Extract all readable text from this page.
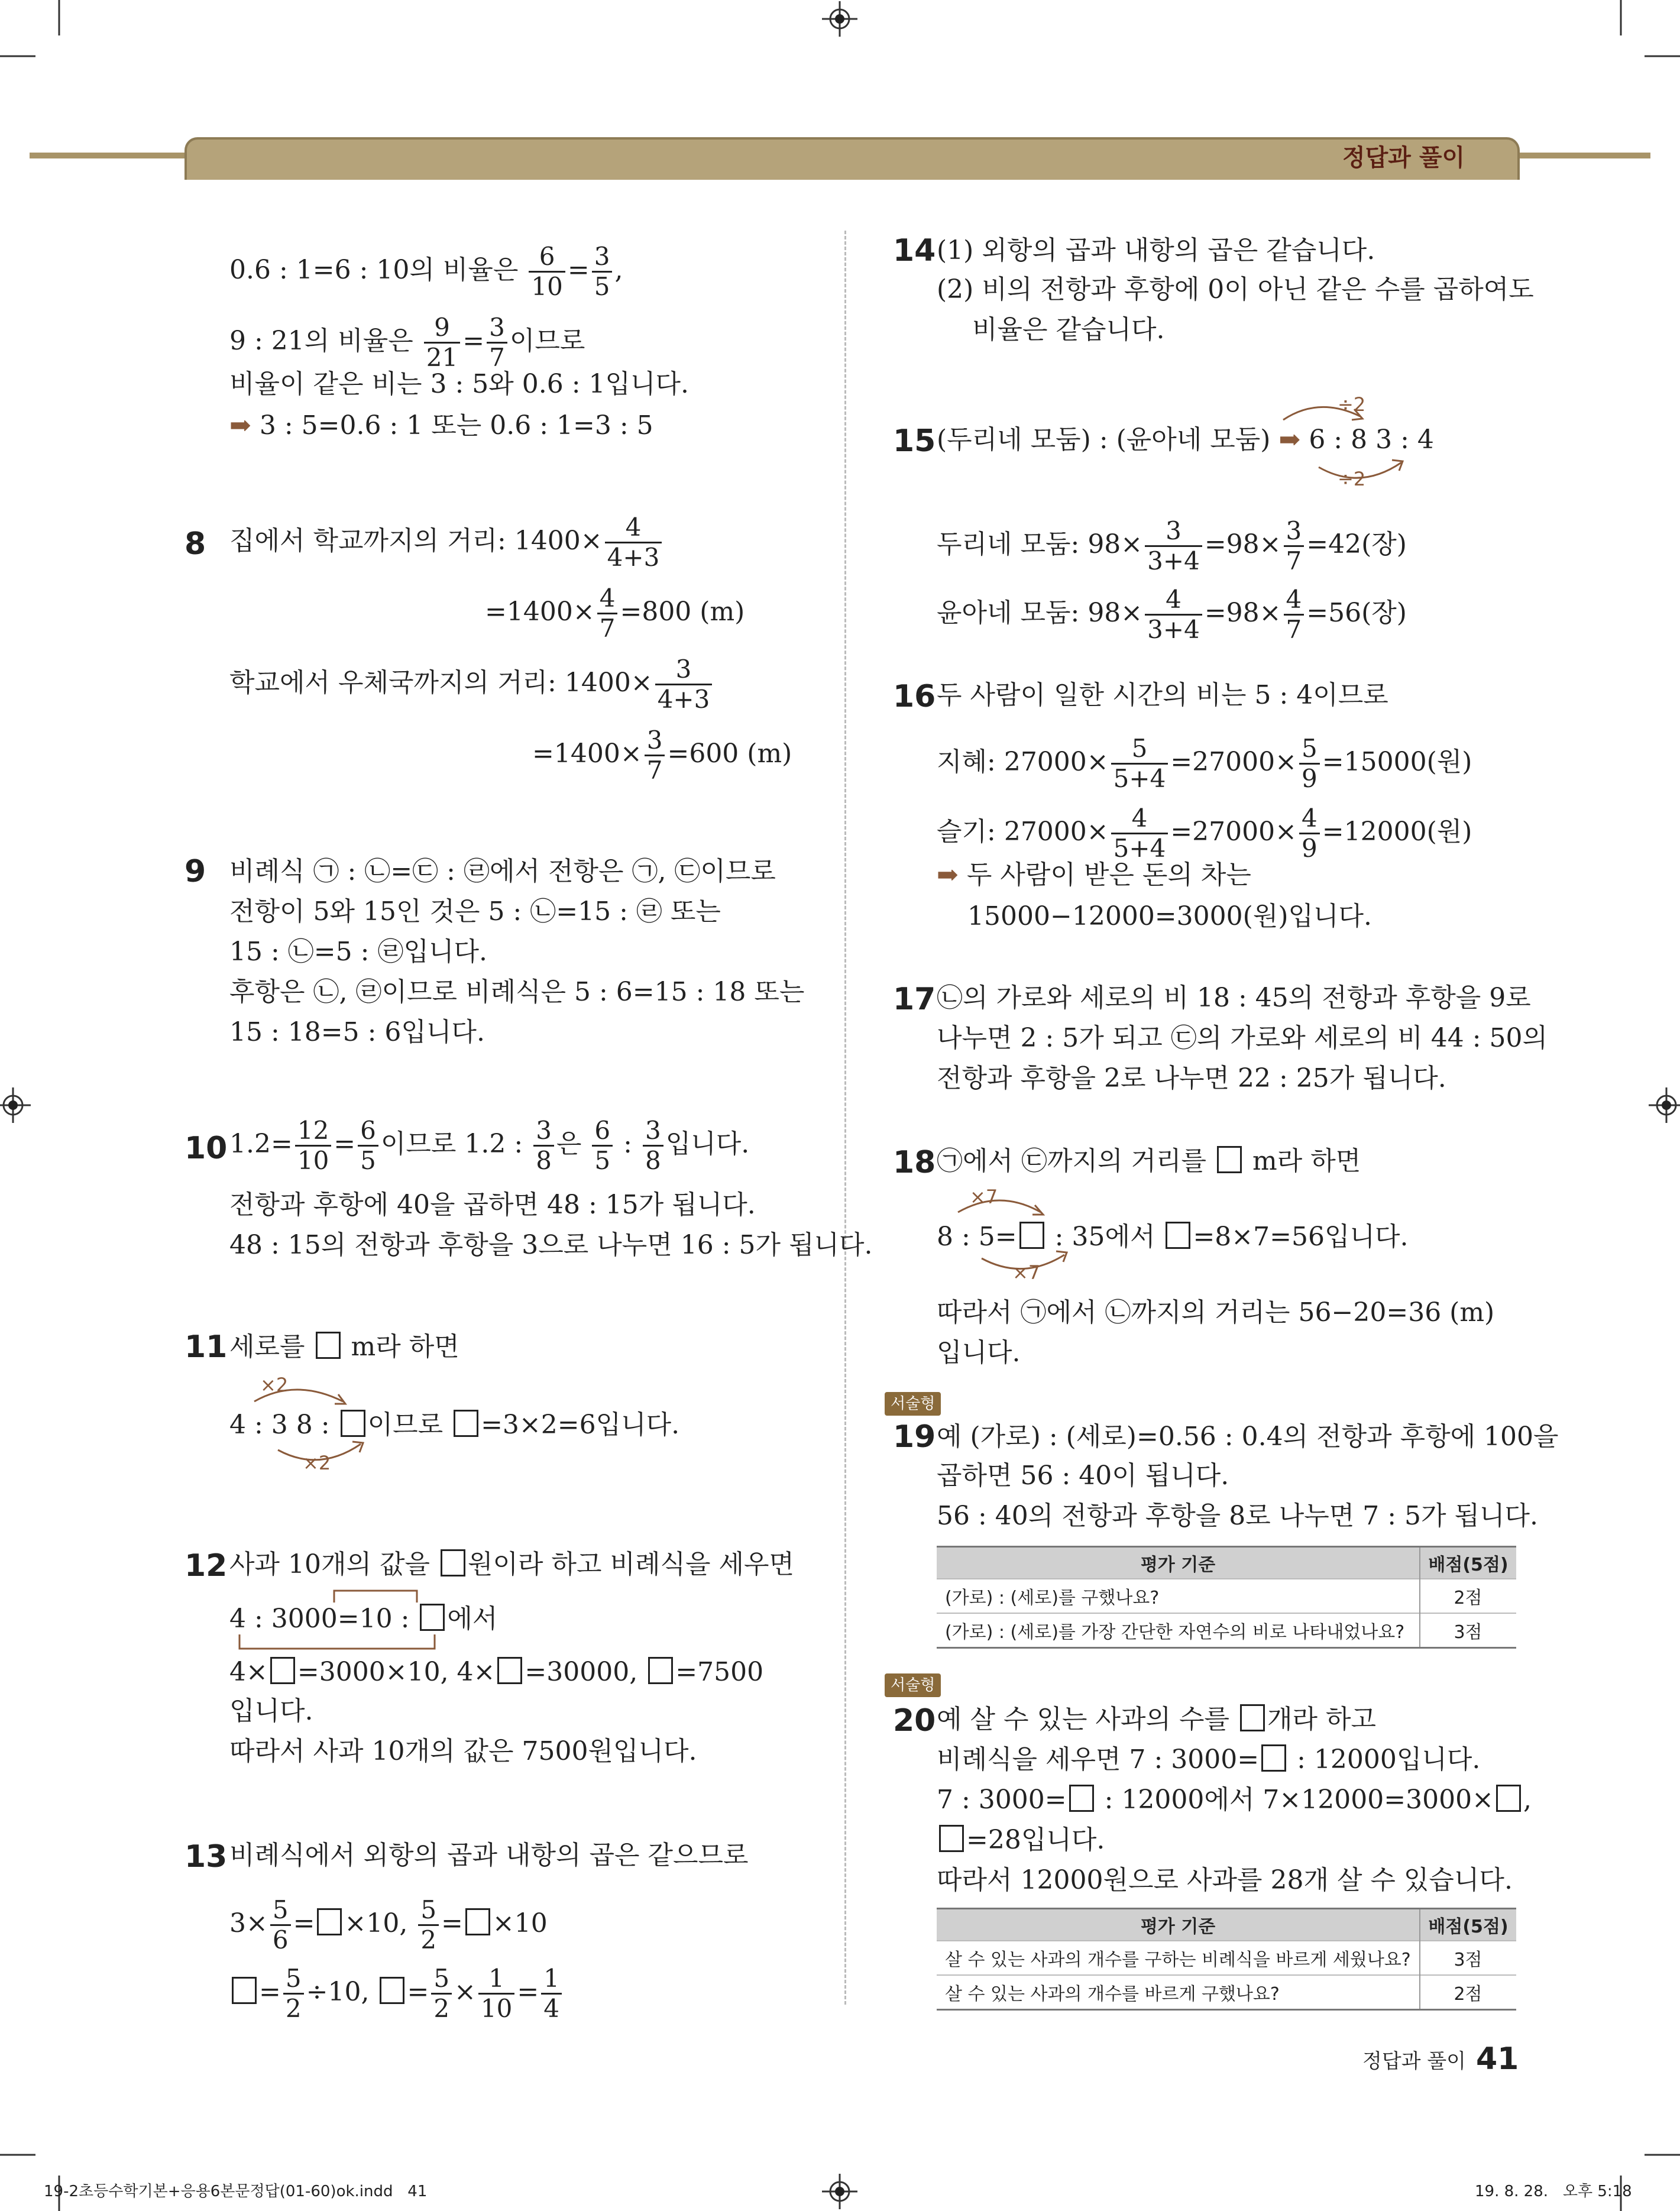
정답과 풀이
0.6 : 1=6 : 10의 비율은 $\frac{6}{10} = \frac{3}{5}$ ,
9 : 21의 비율은 $\frac{9}{21} = \frac{3}{7}$ 이므로
비율이 같은 비는 3 : 5와 0.6 : 1입니다.
➡ 3 : 5=0.6 : 1 또는 0.6 : 1=3 : 5
8 집에서 학교까지의 거리: $1400\times \frac{4}{4+3}$
$=1400\times \frac{4}{7} =800$ (m)
학교에서 우체국까지의 거리: $1400\times \frac{3}{4+3}$
$=1400\times \frac{3}{7} =600$ (m)
9 비례식 ㉠ : ㉡=㉢ : ㉣에서 전항은 ㉠, ㉢이므로
전항이 5와 15인 것은 5 : ㉡=15 : ㉣ 또는
15 : ㉡=5 : ㉣입니다.
후항은 ㉡, ㉣이므로 비례식은 5 : 6=15 : 18 또는
15 : 18=5 : 6입니다.
10 $1.2= \frac{12}{10} = \frac{6}{5}$ 이므로 1.2 : $\frac{3}{8}$ 은 $\frac{6}{5}$ : $\frac{3}{8}$ 입니다.
전항과 후항에 40을 곱하면 48 : 15가 됩니다.
48 : 15의 전항과 후항을 3으로 나누면 16 : 5가 됩니다.
11 세로를  m라 하면
×2
4 : 3 8 : 이므로 =3×2=6입니다.
×2
12 사과 10개의 값을 원이라 하고 비례식을 세우면
4 : 3000=10 : 에서
4× =3000×10, 4× =30000, =7500
입니다.
따라서 사과 10개의 값은 7500원입니다.
13 비례식에서 외항의 곱과 내항의 곱은 같으므로
$3\times \frac{5}{6} = \times 10$, $\frac{5}{2} = \times 10$
= $\frac{5}{2} \div 10$, = $\frac{5}{2} \times \frac{1}{10} = \frac{1}{4}$
14 (1) 외항의 곱과 내항의 곱은 같습니다.
(2) 비의 전항과 후항에 0이 아닌 같은 수를 곱하여도
비율은 같습니다.
15
÷2
(두리네 모둠) : (윤아네 모둠) ➡ 6 : 8 3 : 4
÷2
두리네 모둠: $98\times \frac{3}{3+4} =98\times \frac{3}{7} =42$(장)
윤아네 모둠: $98\times \frac{4}{3+4} =98\times \frac{4}{7} =56$(장)
16 두 사람이 일한 시간의 비는 5 : 4이므로
지혜: $27000\times \frac{5}{5+4} =27000\times \frac{5}{9} =15000$(원)
슬기: $27000\times \frac{4}{5+4} =27000\times \frac{4}{9} =12000$(원)
➡ 두 사람이 받은 돈의 차는
15000−12000=3000(원)입니다.
17 ㉡의 가로와 세로의 비 18 : 45의 전항과 후항을 9로
나누면 2 : 5가 되고 ㉢의 가로와 세로의 비 44 : 50의
전항과 후항을 2로 나누면 22 : 25가 됩니다.
18 ㉠에서 ㉢까지의 거리를  m라 하면
×7
8 : 5= : 35에서 =8×7=56입니다.
×7
따라서 ㉠에서 ㉡까지의 거리는 56−20=36 (m)
입니다.
서술형
19 예 (가로) : (세로)=0.56 : 0.4의 전항과 후항에 100을
곱하면 56 : 40이 됩니다.
56 : 40의 전항과 후항을 8로 나누면 7 : 5가 됩니다.
평가 기준	배점(5점)
(가로) : (세로)를 구했나요?	2점
(가로) : (세로)를 가장 간단한 자연수의 비로 나타내었나요?	3점
서술형
20 예 살 수 있는 사과의 수를 개라 하고
비례식을 세우면 7 : 3000= : 12000입니다.
7 : 3000= : 12000에서 7×12000=3000× ,
=28입니다.
따라서 12000원으로 사과를 28개 살 수 있습니다.
평가 기준	배점(5점)
살 수 있는 사과의 개수를 구하는 비례식을 바르게 세웠나요?	3점
살 수 있는 사과의 개수를 바르게 구했나요?	2점
정답과 풀이 41
19-2초등수학기본+응용6본문정답(01-60)ok.indd   41	19. 8. 28.   오후 5:18
